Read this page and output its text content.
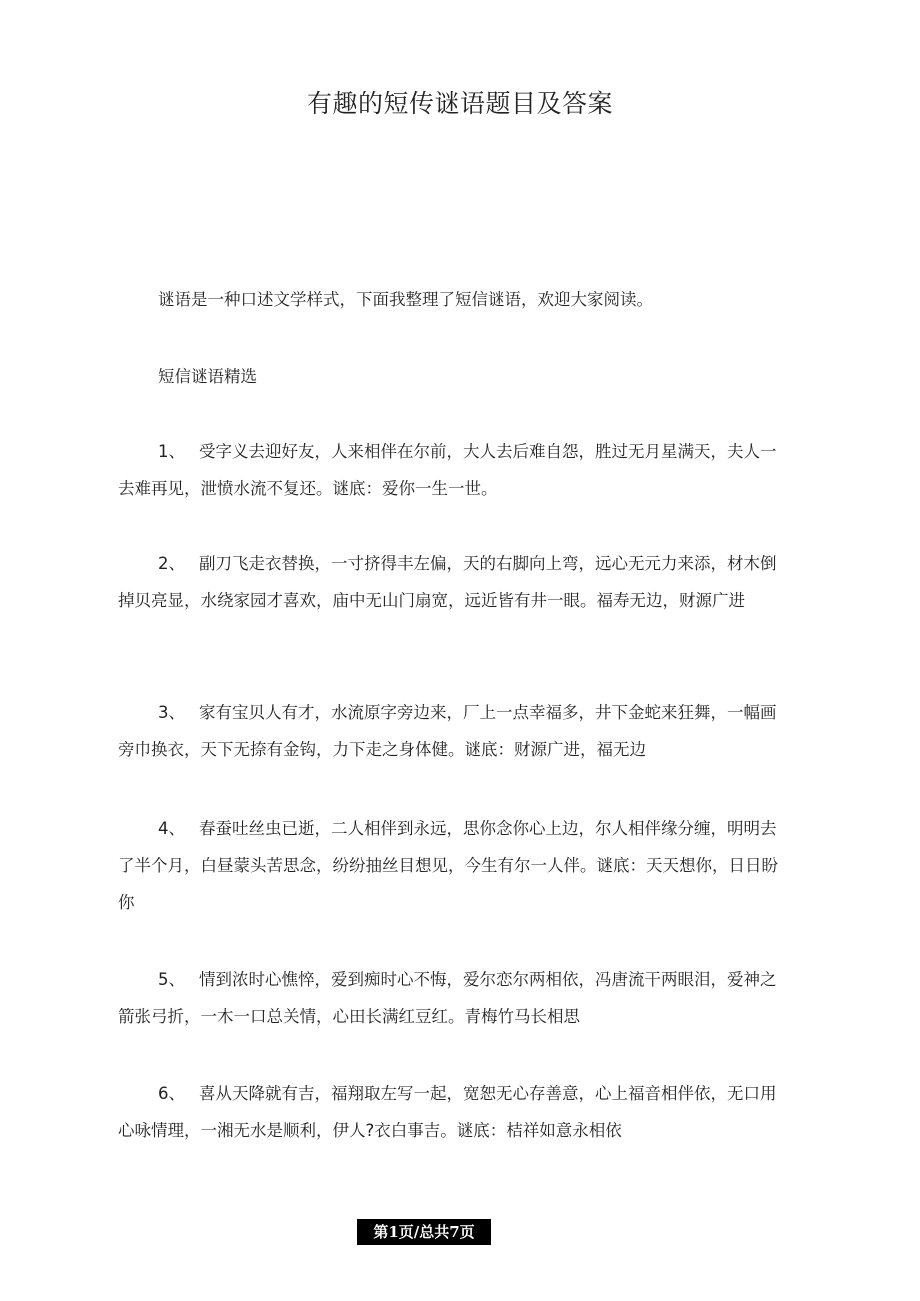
有趣的短传谜语题目及答案
谜语是一种口述文学样式，下面我整理了短信谜语，欢迎大家阅读。
短信谜语精选
1、 受字义去迎好友，人来相伴在尔前，大人去后难自怨，胜过无月星满天，夫人一去难再见，泄愤水流不复还。谜底：爱你一生一世。
2、 副刀飞走衣替换，一寸挤得丰左偏，天的右脚向上弯，远心无元力来添，材木倒掉贝亮显，水绕家园才喜欢，庙中无山门扇宽，远近皆有井一眼。福寿无边，财源广进
3、 家有宝贝人有才，水流原字旁边来，厂上一点幸福多，井下金蛇来狂舞，一幅画旁巾换衣，天下无捺有金钩，力下走之身体健。谜底：财源广进，福无边
4、 春蚕吐丝虫已逝，二人相伴到永远，思你念你心上边，尔人相伴缘分缠，明明去了半个月，白昼蒙头苦思念，纷纷抽丝目想见，今生有尔一人伴。谜底：天天想你，日日盼你
5、 情到浓时心憔悴，爱到痴时心不悔，爱尔恋尔两相依，冯唐流干两眼泪，爱神之箭张弓折，一木一口总关情，心田长满红豆红。青梅竹马长相思
6、 喜从天降就有吉，福翔取左写一起，宽恕无心存善意，心上福音相伴依，无口用心咏情理，一湘无水是顺利，伊人?衣白事吉。谜底：桔祥如意永相依
第1页/总共7页
